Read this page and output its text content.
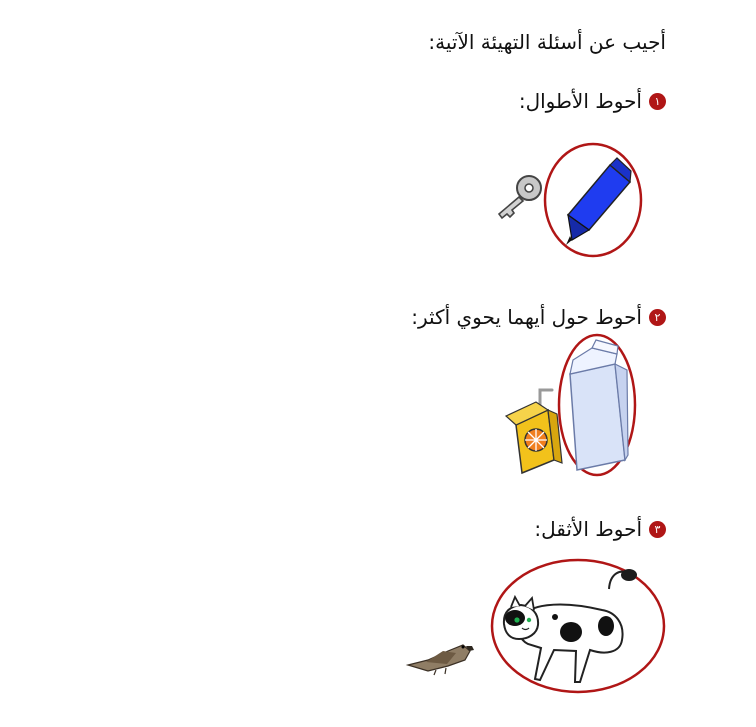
أجيب عن أسئلة التهيئة الآتية:
١
أحوط الأطوال:
٢
أحوط حول أيهما يحوي أكثر:
٣
أحوط الأثقل:
